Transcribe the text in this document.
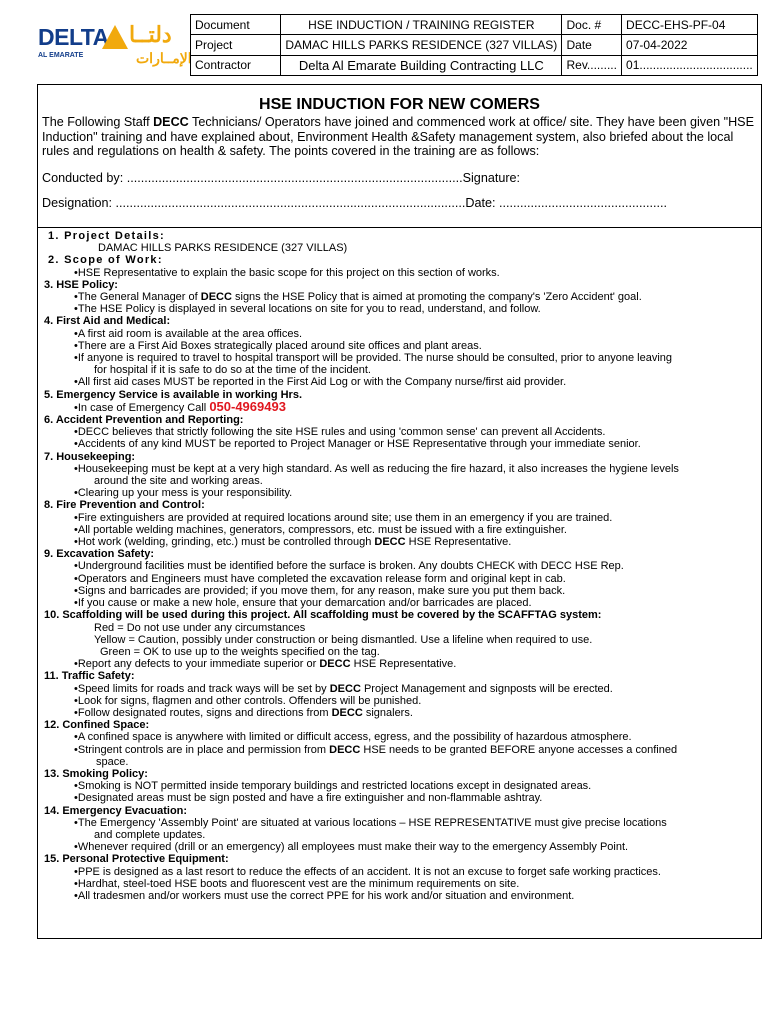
DELTA دلتــا
AL EMARATE	الإمــارات
Document	HSE INDUCTION / TRAINING REGISTER	Doc. #	DECC-EHS-PF-04
Project	DAMAC HILLS PARKS RESIDENCE (327 VILLAS)	Date	07-04-2022
Contractor	Delta Al Emarate Building Contracting LLC	Rev.........	01..................................
HSE INDUCTION FOR NEW COMERS
The Following Staff DECC Technicians/ Operators have joined and commenced work at office/ site. They have been given "HSE Induction" training and have explained about, Environment Health &Safety management system, also briefed about the local rules and regulations on health & safety. The points covered in the training are as follows:
Conducted by: ................................................................................................Signature:
Designation: ....................................................................................................Date: ................................................
1. Project Details:
DAMAC HILLS PARKS RESIDENCE (327 VILLAS)
2. Scope of Work:
•HSE Representative to explain the basic scope for this project on this section of works.
3. HSE Policy:
•The General Manager of DECC signs the HSE Policy that is aimed at promoting the company's 'Zero Accident' goal.
•The HSE Policy is displayed in several locations on site for you to read, understand, and follow.
4. First Aid and Medical:
•A first aid room is available at the area offices.
•There are a First Aid Boxes strategically placed around site offices and plant areas.
•If anyone is required to travel to hospital transport will be provided. The nurse should be consulted, prior to anyone leaving
for hospital if it is safe to do so at the time of the incident.
•All first aid cases MUST be reported in the First Aid Log or with the Company nurse/first aid provider.
5. Emergency Service is available in working Hrs.
•In case of Emergency Call 050-4969493
6. Accident Prevention and Reporting:
•DECC believes that strictly following the site HSE rules and using 'common sense' can prevent all Accidents.
•Accidents of any kind MUST be reported to Project Manager or HSE Representative through your immediate senior.
7. Housekeeping:
•Housekeeping must be kept at a very high standard. As well as reducing the fire hazard, it also increases the hygiene levels
around the site and working areas.
•Clearing up your mess is your responsibility.
8. Fire Prevention and Control:
•Fire extinguishers are provided at required locations around site; use them in an emergency if you are trained.
•All portable welding machines, generators, compressors, etc. must be issued with a fire extinguisher.
•Hot work (welding, grinding, etc.) must be controlled through DECC HSE Representative.
9. Excavation Safety:
•Underground facilities must be identified before the surface is broken. Any doubts CHECK with DECC HSE Rep.
•Operators and Engineers must have completed the excavation release form and original kept in cab.
•Signs and barricades are provided; if you move them, for any reason, make sure you put them back.
•If you cause or make a new hole, ensure that your demarcation and/or barricades are placed.
10. Scaffolding will be used during this project. All scaffolding must be covered by the SCAFFTAG system:
Red = Do not use under any circumstances
Yellow = Caution, possibly under construction or being dismantled. Use a lifeline when required to use.
Green = OK to use up to the weights specified on the tag.
•Report any defects to your immediate superior or DECC HSE Representative.
11. Traffic Safety:
•Speed limits for roads and track ways will be set by DECC Project Management and signposts will be erected.
•Look for signs, flagmen and other controls. Offenders will be punished.
•Follow designated routes, signs and directions from DECC signalers.
12. Confined Space:
•A confined space is anywhere with limited or difficult access, egress, and the possibility of hazardous atmosphere.
•Stringent controls are in place and permission from DECC HSE needs to be granted BEFORE anyone accesses a confined
space.
13. Smoking Policy:
•Smoking is NOT permitted inside temporary buildings and restricted locations except in designated areas.
•Designated areas must be sign posted and have a fire extinguisher and non-flammable ashtray.
14. Emergency Evacuation:
•The Emergency 'Assembly Point' are situated at various locations – HSE REPRESENTATIVE must give precise locations
and complete updates.
•Whenever required (drill or an emergency) all employees must make their way to the emergency Assembly Point.
15. Personal Protective Equipment:
•PPE is designed as a last resort to reduce the effects of an accident. It is not an excuse to forget safe working practices.
•Hardhat, steel-toed HSE boots and fluorescent vest are the minimum requirements on site.
•All tradesmen and/or workers must use the correct PPE for his work and/or situation and environment.
